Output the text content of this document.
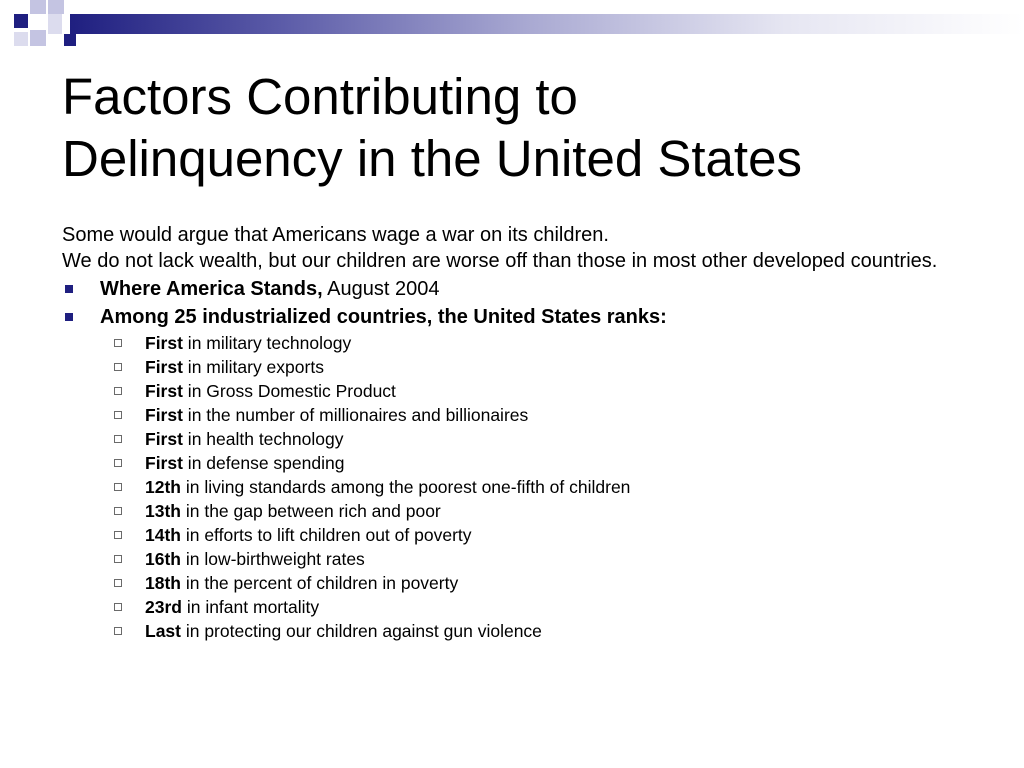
Factors Contributing to
Delinquency in the United States

Some would argue that Americans wage a war on its children.

We do not lack wealth, but our children are worse off than those in most other developed countries.

Where America Stands, August 2004
Among 25 industrialized countries, the United States ranks:
First in military technology
First in military exports
First in Gross Domestic Product
First in the number of millionaires and billionaires
First in health technology
First in defense spending
12th in living standards among the poorest one-fifth of children
13th in the gap between rich and poor
14th in efforts to lift children out of poverty
16th in low-birthweight rates
18th in the percent of children in poverty
23rd in infant mortality
Last in protecting our children against gun violence
